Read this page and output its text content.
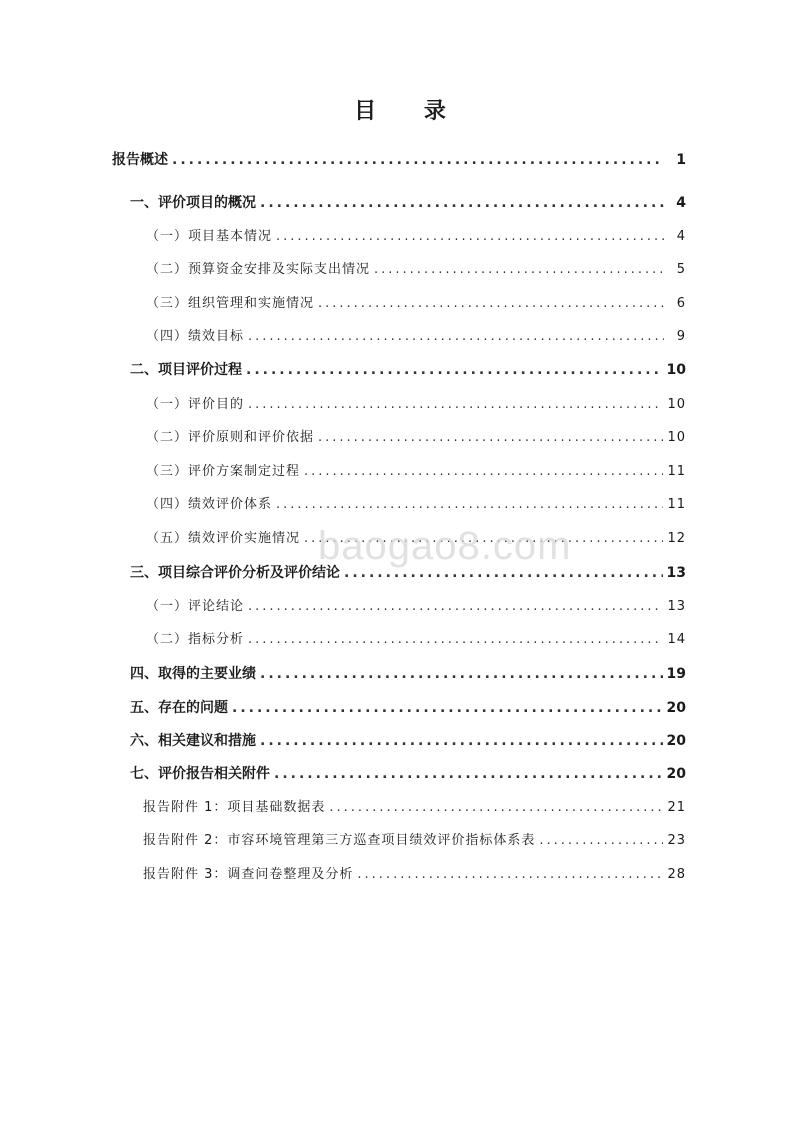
目 录
报告概述 .....	1
一、评价项目的概况 .....	4
（一）项目基本情况 .....	4
（二）预算资金安排及实际支出情况 .....	5
（三）组织管理和实施情况 .....	6
（四）绩效目标 .....	9
二、项目评价过程 .....	10
（一）评价目的 .....	10
（二）评价原则和评价依据 .....	10
（三）评价方案制定过程 .....	11
（四）绩效评价体系 .....	11
（五）绩效评价实施情况 .....	12
三、项目综合评价分析及评价结论 .....	13
（一）评论结论 .....	13
（二）指标分析 .....	14
四、取得的主要业绩 .....	19
五、存在的问题 .....	20
六、相关建议和措施 .....	20
七、评价报告相关附件 .....	20
报告附件 1：项目基础数据表 .....	21
报告附件 2：市容环境管理第三方巡查项目绩效评价指标体系表 .....	23
报告附件 3：调查问卷整理及分析 .....	28
baogao8.com
